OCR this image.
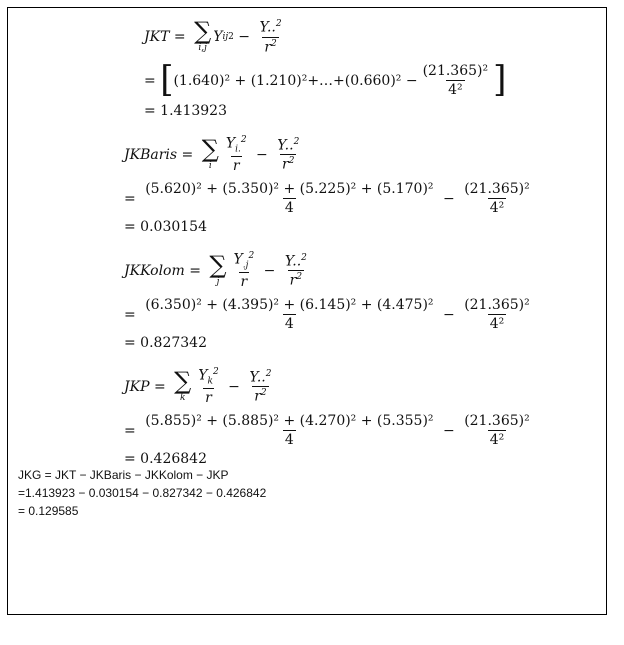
JKT = ∑
i,j
Y ij $2 - \frac{Y..^2}{r^2}$
= [ (1.640)² + (1.210)²+…+(0.660)² − $\frac{\text{(21.365)²}}{\text{4²}}$ ]
= 1.413923
JKBaris = ∑
i $\frac{Y_{i.}^2}{r} - \frac{Y..^2}{r^2}$
= $\frac{\text{(5.620)² + (5.350)² + (5.225)² + (5.170)²}}{4} - \frac{\text{(21.365)²}}{\text{4²}}$
= 0.030154
JKKolom = ∑
j $\frac{Y_{.j}^2}{r} - \frac{Y..^2}{r^2}$
= $\frac{\text{(6.350)² + (4.395)² + (6.145)² + (4.475)²}}{4} - \frac{\text{(21.365)²}}{\text{4²}}$
= 0.827342
JKP = ∑
k $\frac{Y_k^2}{r} - \frac{Y..^2}{r^2}$
= $\frac{\text{(5.855)² + (5.885)² + (4.270)² + (5.355)²}}{4} - \frac{\text{(21.365)²}}{\text{4²}}$
= 0.426842
JKG = JKT − JKBaris − JKKolom − JKP
=1.413923 − 0.030154 − 0.827342 − 0.426842
= 0.129585
